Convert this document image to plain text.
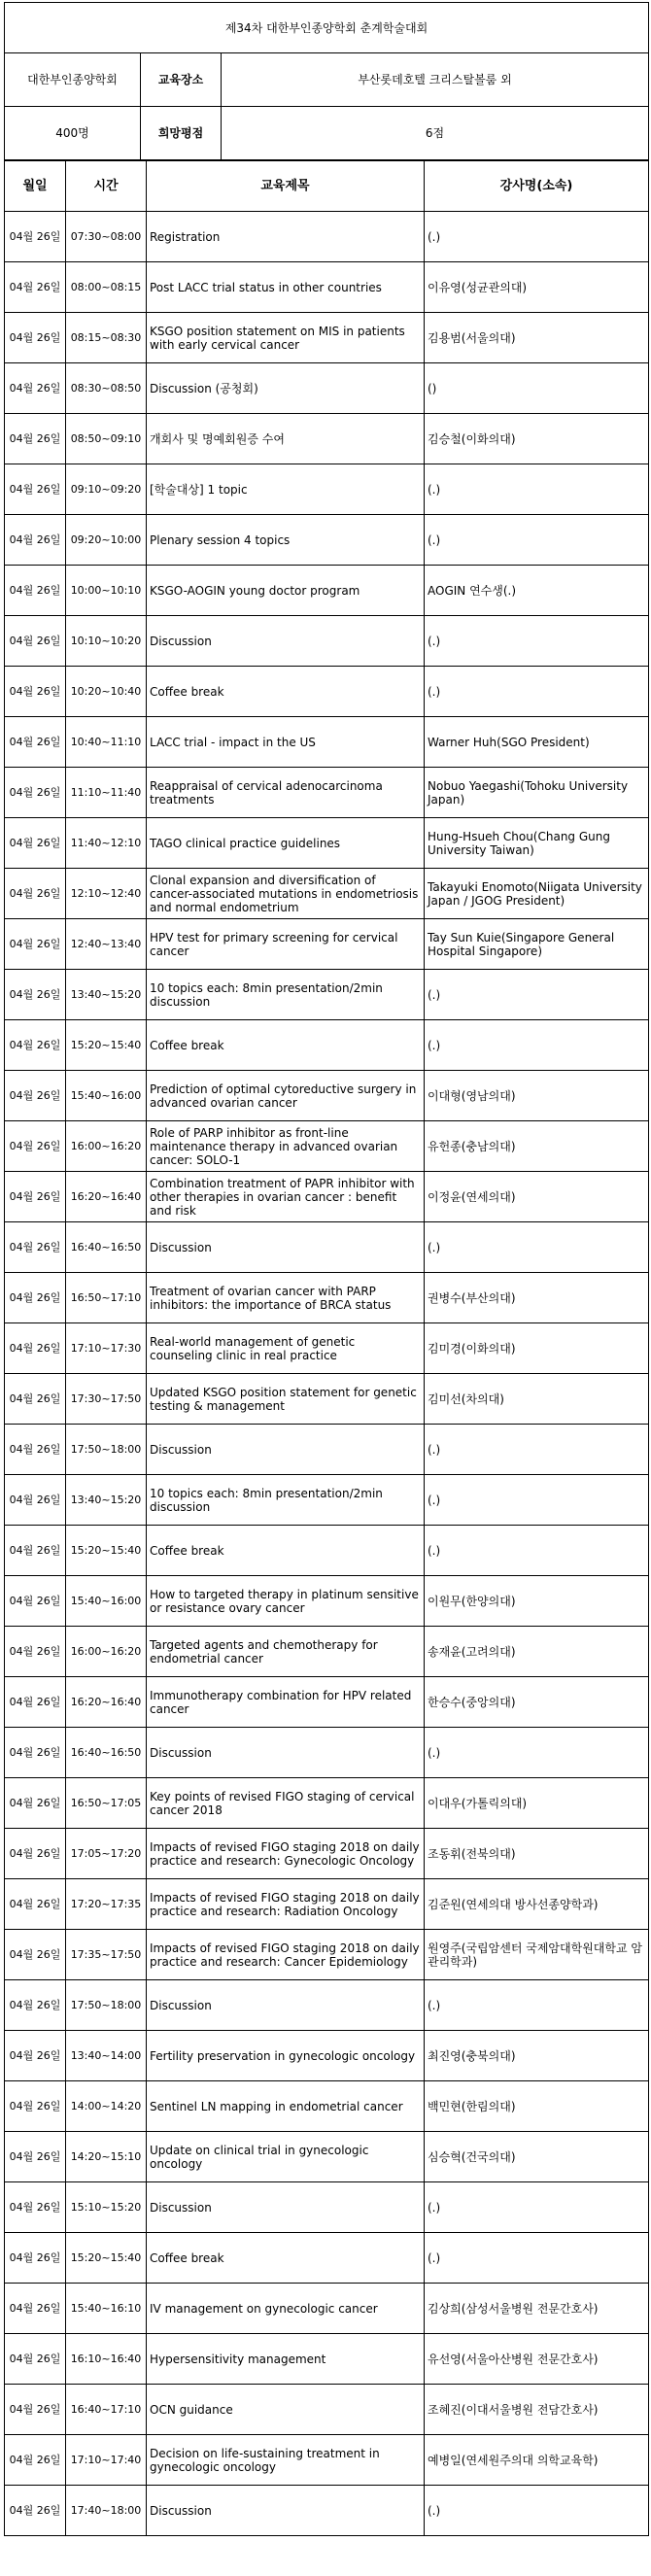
제34차 대한부인종양학회 춘계학술대회		
대한부인종양학회	교육장소	부산롯데호텔 크리스탈볼룸 외
400명	희망평점	6점
월일	시간	교육제목	강사명(소속)
04월 26일	07:30~08:00	Registration	(.)
04월 26일	08:00~08:15	Post LACC trial status in other countries	이유영(성균관의대)
04월 26일	08:15~08:30	KSGO position statement on MIS in patients with early cervical cancer	김용범(서울의대)
04월 26일	08:30~08:50	Discussion (공청회)	()
04월 26일	08:50~09:10	개회사 및 명예회원증 수여	김승철(이화의대)
04월 26일	09:10~09:20	[학술대상] 1 topic	(.)
04월 26일	09:20~10:00	Plenary session 4 topics	(.)
04월 26일	10:00~10:10	KSGO-AOGIN young doctor program	AOGIN 연수생(.)
04월 26일	10:10~10:20	Discussion	(.)
04월 26일	10:20~10:40	Coffee break	(.)
04월 26일	10:40~11:10	LACC trial - impact in the US	Warner Huh(SGO President)
04월 26일	11:10~11:40	Reappraisal of cervical adenocarcinoma treatments	Nobuo Yaegashi(Tohoku University Japan)
04월 26일	11:40~12:10	TAGO clinical practice guidelines	Hung-Hsueh Chou(Chang Gung University Taiwan)
04월 26일	12:10~12:40	Clonal expansion and diversification of cancer-associated mutations in endometriosis and normal endometrium	Takayuki Enomoto(Niigata University Japan / JGOG President)
04월 26일	12:40~13:40	HPV test for primary screening for cervical cancer	Tay Sun Kuie(Singapore General Hospital Singapore)
04월 26일	13:40~15:20	10 topics each: 8min presentation/2min discussion	(.)
04월 26일	15:20~15:40	Coffee break	(.)
04월 26일	15:40~16:00	Prediction of optimal cytoreductive surgery in advanced ovarian cancer	이대형(영남의대)
04월 26일	16:00~16:20	Role of PARP inhibitor as front-line maintenance therapy in advanced ovarian cancer: SOLO-1	유헌종(충남의대)
04월 26일	16:20~16:40	Combination treatment of PAPR inhibitor with other therapies in ovarian cancer : benefit and risk	이정윤(연세의대)
04월 26일	16:40~16:50	Discussion	(.)
04월 26일	16:50~17:10	Treatment of ovarian cancer with PARP inhibitors: the importance of BRCA status	권병수(부산의대)
04월 26일	17:10~17:30	Real-world management of genetic counseling clinic in real practice	김미경(이화의대)
04월 26일	17:30~17:50	Updated KSGO position statement for genetic testing & management	김미선(차의대)
04월 26일	17:50~18:00	Discussion	(.)
04월 26일	13:40~15:20	10 topics each: 8min presentation/2min discussion	(.)
04월 26일	15:20~15:40	Coffee break	(.)
04월 26일	15:40~16:00	How to targeted therapy in platinum sensitive or resistance ovary cancer	이원무(한양의대)
04월 26일	16:00~16:20	Targeted agents and chemotherapy for endometrial cancer	송재윤(고려의대)
04월 26일	16:20~16:40	Immunotherapy combination for HPV related cancer	한승수(중앙의대)
04월 26일	16:40~16:50	Discussion	(.)
04월 26일	16:50~17:05	Key points of revised FIGO staging of cervical cancer 2018	이대우(가톨릭의대)
04월 26일	17:05~17:20	Impacts of revised FIGO staging 2018 on daily practice and research: Gynecologic Oncology	조동휘(전북의대)
04월 26일	17:20~17:35	Impacts of revised FIGO staging 2018 on daily practice and research: Radiation Oncology	김준원(연세의대 방사선종양학과)
04월 26일	17:35~17:50	Impacts of revised FIGO staging 2018 on daily practice and research: Cancer Epidemiology	원영주(국립암센터 국제암대학원대학교 암관리학과)
04월 26일	17:50~18:00	Discussion	(.)
04월 26일	13:40~14:00	Fertility preservation in gynecologic oncology	최진영(충북의대)
04월 26일	14:00~14:20	Sentinel LN mapping in endometrial cancer	백민현(한림의대)
04월 26일	14:20~15:10	Update on clinical trial in gynecologic oncology	심승혁(건국의대)
04월 26일	15:10~15:20	Discussion	(.)
04월 26일	15:20~15:40	Coffee break	(.)
04월 26일	15:40~16:10	IV management on gynecologic cancer	김상희(삼성서울병원 전문간호사)
04월 26일	16:10~16:40	Hypersensitivity management	유선영(서울아산병원 전문간호사)
04월 26일	16:40~17:10	OCN guidance	조혜진(이대서울병원 전담간호사)
04월 26일	17:10~17:40	Decision on life-sustaining treatment in gynecologic oncology	예병일(연세원주의대 의학교육학)
04월 26일	17:40~18:00	Discussion	(.)
